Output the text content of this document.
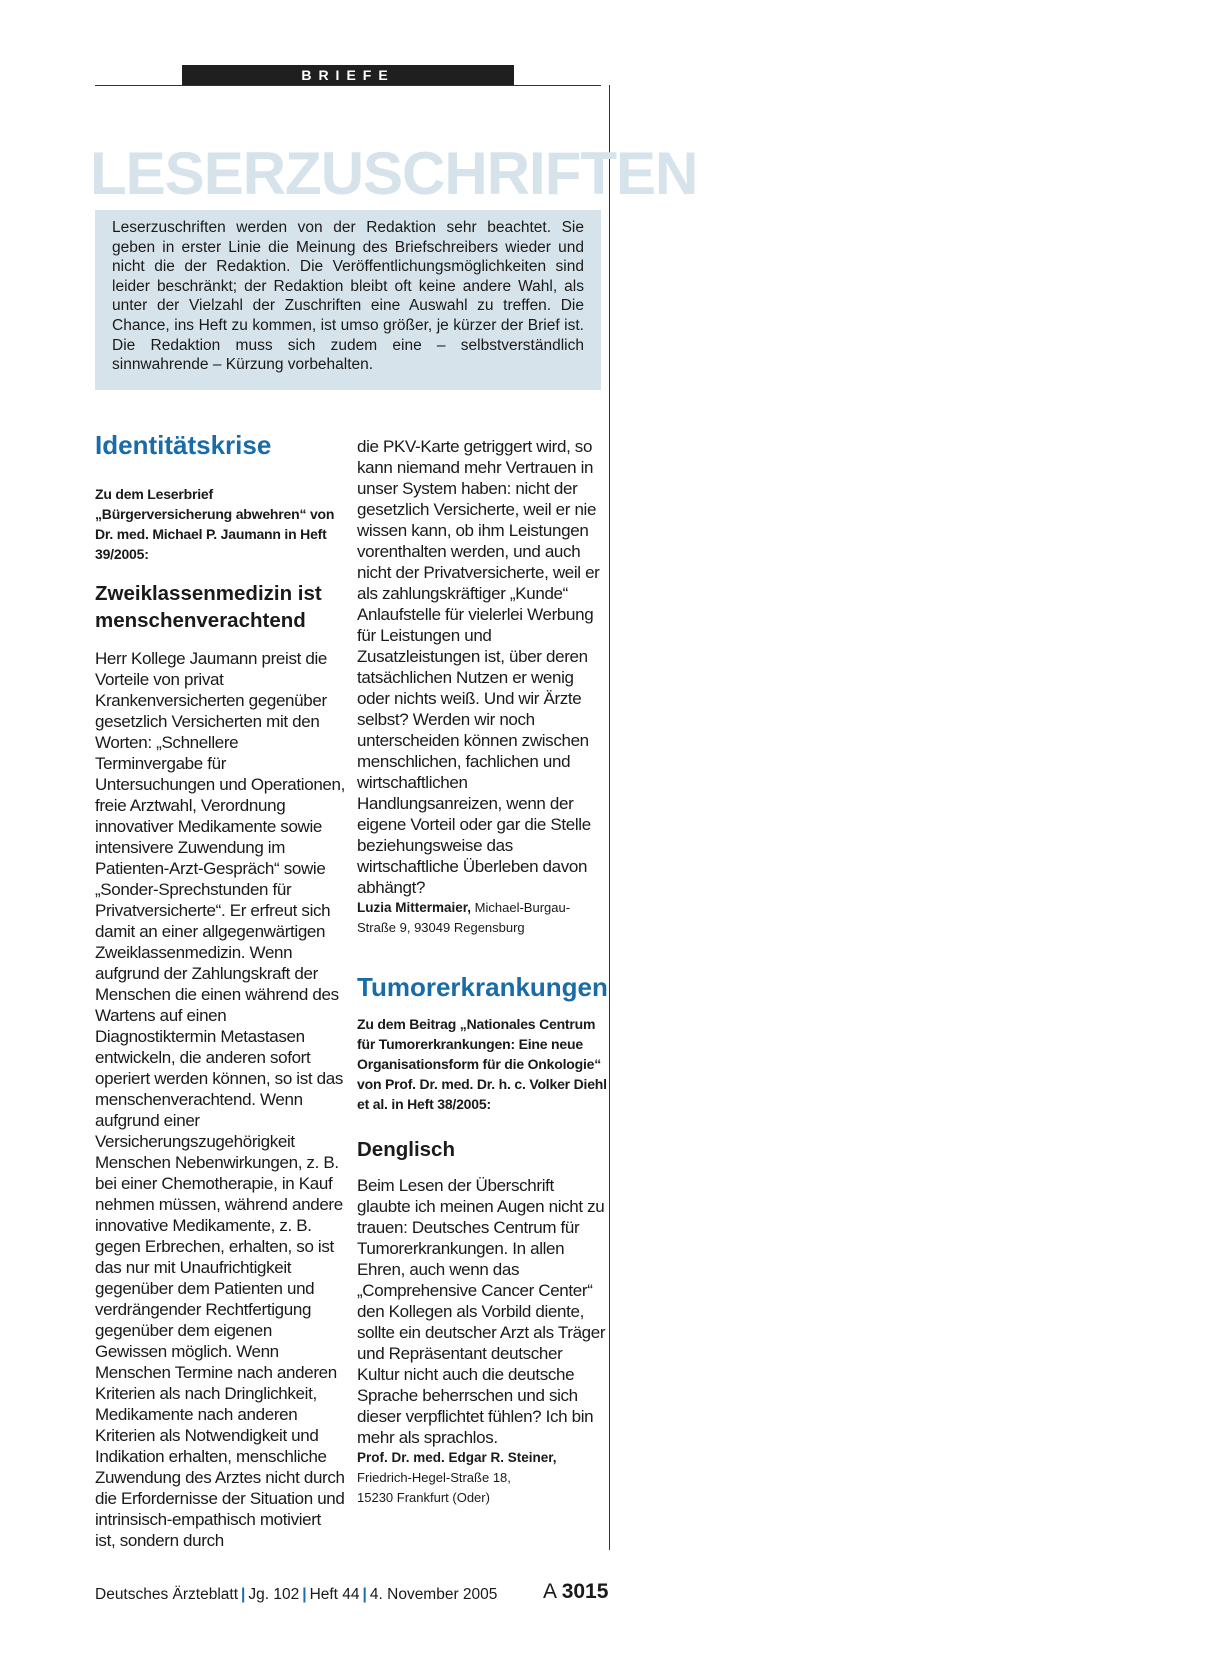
BRIEFE
LESERZUSCHRIFTEN

Leserzuschriften werden von der Redaktion sehr beachtet. Sie geben in erster Linie die Meinung des Briefschreibers wieder und nicht die der Redaktion. Die Veröffentlichungsmöglichkeiten sind leider beschränkt; der Redaktion bleibt oft keine andere Wahl, als unter der Vielzahl der Zuschriften eine Auswahl zu treffen. Die Chance, ins Heft zu kommen, ist umso größer, je kürzer der Brief ist. Die Redaktion muss sich zudem eine – selbstverständlich sinnwahrende – Kürzung vorbehalten.

Identitätskrise

Zu dem Leserbrief „Bürgerversicherung abwehren“ von Dr. med. Michael P. Jaumann in Heft 39/2005:

Zweiklassenmedizin ist menschenverachtend

Herr Kollege Jaumann preist die Vorteile von privat Krankenversicherten gegenüber gesetzlich Versicherten mit den Worten: „Schnellere Terminvergabe für Untersuchungen und Operationen, freie Arztwahl, Verordnung innovativer Medikamente sowie intensivere Zuwendung im Patienten-Arzt-Gespräch“ sowie „Sonder-Sprechstunden für Privatversicherte“. Er erfreut sich damit an einer allgegenwärtigen Zweiklassenmedizin. Wenn aufgrund der Zahlungskraft der Menschen die einen während des Wartens auf einen Diagnostiktermin Metastasen entwickeln, die anderen sofort operiert werden können, so ist das menschenverachtend. Wenn aufgrund einer Versicherungszugehörigkeit Menschen Nebenwirkungen, z. B. bei einer Chemotherapie, in Kauf nehmen müssen, während andere innovative Medikamente, z. B. gegen Erbrechen, erhalten, so ist das nur mit Unaufrichtigkeit gegenüber dem Patienten und verdrängender Rechtfertigung gegenüber dem eigenen Gewissen möglich. Wenn Menschen Termine nach anderen Kriterien als nach Dringlichkeit, Medikamente nach anderen Kriterien als Notwendigkeit und Indikation erhalten, menschliche Zuwendung des Arztes nicht durch die Erfordernisse der Situation und intrinsisch-empathisch motiviert ist, sondern durch

die PKV-Karte getriggert wird, so kann niemand mehr Vertrauen in unser System haben: nicht der gesetzlich Versicherte, weil er nie wissen kann, ob ihm Leistungen vorenthalten werden, und auch nicht der Privatversicherte, weil er als zahlungskräftiger „Kunde“ Anlaufstelle für vielerlei Werbung für Leistungen und Zusatzleistungen ist, über deren tatsächlichen Nutzen er wenig oder nichts weiß. Und wir Ärzte selbst? Werden wir noch unterscheiden können zwischen menschlichen, fachlichen und wirtschaftlichen Handlungsanreizen, wenn der eigene Vorteil oder gar die Stelle beziehungsweise das wirtschaftliche Überleben davon abhängt?

Luzia Mittermaier, Michael-Burgau-Straße 9, 93049 Regensburg

Tumorerkrankungen

Zu dem Beitrag „Nationales Centrum für Tumorerkrankungen: Eine neue Organisationsform für die Onkologie“ von Prof. Dr. med. Dr. h. c. Volker Diehl et al. in Heft 38/2005:

Denglisch

Beim Lesen der Überschrift glaubte ich meinen Augen nicht zu trauen: Deutsches Centrum für Tumorerkrankungen. In allen Ehren, auch wenn das „Comprehensive Cancer Center“ den Kollegen als Vorbild diente, sollte ein deutscher Arzt als Träger und Repräsentant deutscher Kultur nicht auch die deutsche Sprache beherrschen und sich dieser verpflichtet fühlen? Ich bin mehr als sprachlos.

Prof. Dr. med. Edgar R. Steiner,
Friedrich-Hegel-Straße 18,
15230 Frankfurt (Oder)

Deutsches Ärzteblatt | Jg. 102 | Heft 44 | 4. November 2005 A 3015
